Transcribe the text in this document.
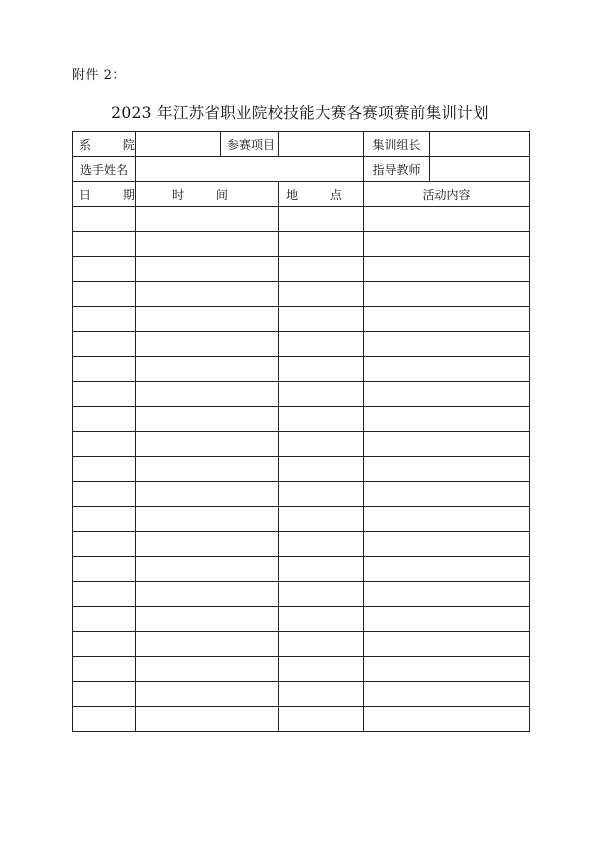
附件 2：
2023 年江苏省职业院校技能大赛各赛项赛前集训计划
系 院		参赛项目		集训组长	
选手姓名				指导教师	
日 期	时 间		地 点	活动内容	
